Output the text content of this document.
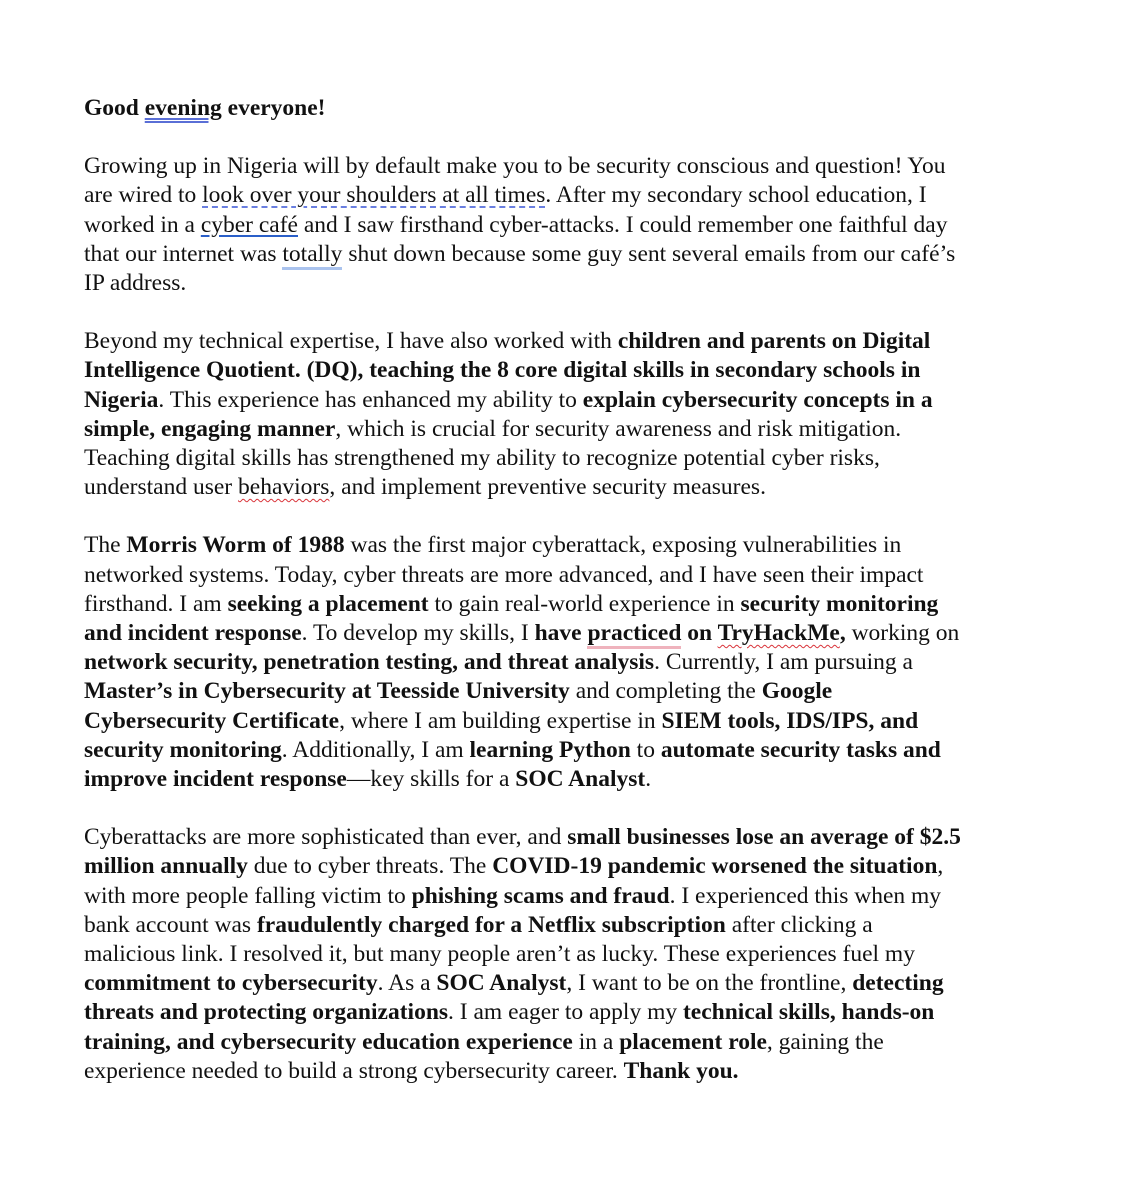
Good evening everyone!

Growing up in Nigeria will by default make you to be security conscious and question! You
are wired to look over your shoulders at all times. After my secondary school education, I
worked in a cyber café and I saw firsthand cyber-attacks. I could remember one faithful day
that our internet was totally shut down because some guy sent several emails from our café’s
IP address.

Beyond my technical expertise, I have also worked with children and parents on Digital
Intelligence Quotient. (DQ), teaching the 8 core digital skills in secondary schools in
Nigeria. This experience has enhanced my ability to explain cybersecurity concepts in a
simple, engaging manner, which is crucial for security awareness and risk mitigation.
Teaching digital skills has strengthened my ability to recognize potential cyber risks,
understand user behaviors, and implement preventive security measures.

The Morris Worm of 1988 was the first major cyberattack, exposing vulnerabilities in
networked systems. Today, cyber threats are more advanced, and I have seen their impact
firsthand. I am seeking a placement to gain real-world experience in security monitoring
and incident response. To develop my skills, I have practiced on TryHackMe, working on
network security, penetration testing, and threat analysis. Currently, I am pursuing a
Master’s in Cybersecurity at Teesside University and completing the Google
Cybersecurity Certificate, where I am building expertise in SIEM tools, IDS/IPS, and
security monitoring. Additionally, I am learning Python to automate security tasks and
improve incident response—key skills for a SOC Analyst.

Cyberattacks are more sophisticated than ever, and small businesses lose an average of $2.5
million annually due to cyber threats. The COVID-19 pandemic worsened the situation,
with more people falling victim to phishing scams and fraud. I experienced this when my
bank account was fraudulently charged for a Netflix subscription after clicking a
malicious link. I resolved it, but many people aren’t as lucky. These experiences fuel my
commitment to cybersecurity. As a SOC Analyst, I want to be on the frontline, detecting
threats and protecting organizations. I am eager to apply my technical skills, hands-on
training, and cybersecurity education experience in a placement role, gaining the
experience needed to build a strong cybersecurity career. Thank you.
